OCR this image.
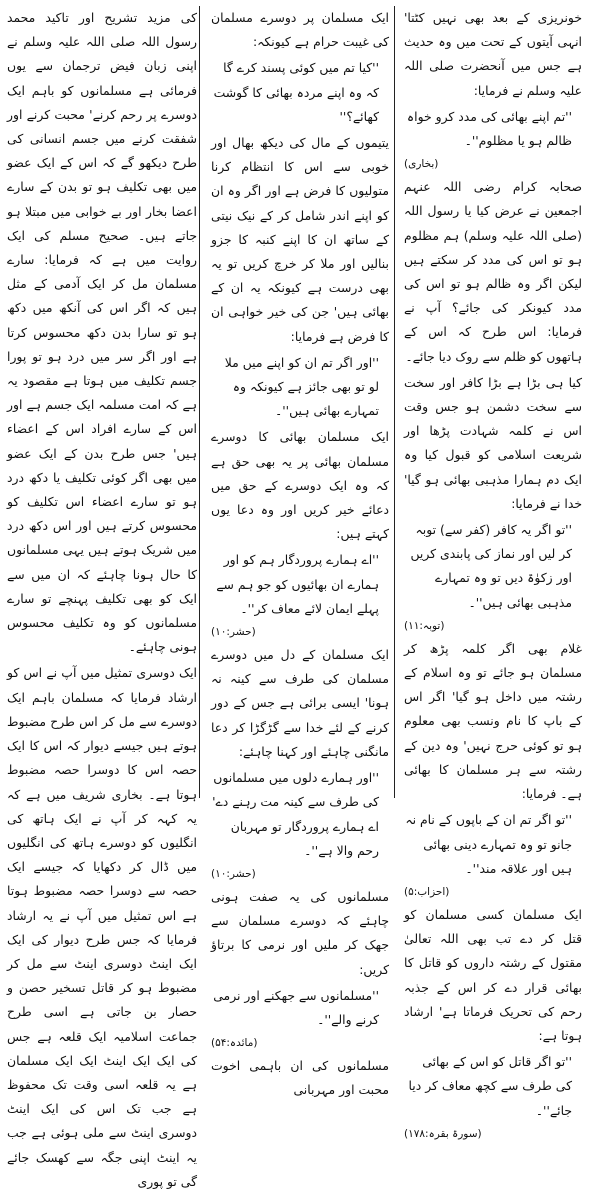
خونریزی کے بعد بھی نہیں کٹتا' انہی آیتوں کے تحت میں وہ حدیث ہے جس میں آنحضرت صلی اللہ علیہ وسلم نے فرمایا:

''تم اپنے بھائی کی مدد کرو خواہ ظالم ہو یا مظلوم''۔

(بخاری)

صحابہ کرام رضی اللہ عنہم اجمعین نے عرض کیا یا رسول اللہ (صلی اللہ علیہ وسلم) ہم مظلوم ہو تو اس کی مدد کر سکتے ہیں لیکن اگر وہ ظالم ہو تو اس کی مدد کیونکر کی جائے؟ آپ نے فرمایا: اس طرح کہ اس کے ہاتھوں کو ظلم سے روک دیا جائے۔

کیا ہی بڑا ہے بڑا کافر اور سخت سے سخت دشمن ہو جس وقت اس نے کلمہ شہادت پڑھا اور شریعت اسلامی کو قبول کیا وہ ایک دم ہمارا مذہبی بھائی ہو گیا' خدا نے فرمایا:

''تو اگر یہ کافر (کفر سے) توبہ کر لیں اور نماز کی پابندی کریں اور زکوٰۃ دیں تو وہ تمہارے مذہبی بھائی ہیں''۔

(توبہ:۱۱)

غلام بھی اگر کلمہ پڑھ کر مسلمان ہو جائے تو وہ اسلام کے رشتہ میں داخل ہو گیا' اگر اس کے باپ کا نام ونسب بھی معلوم ہو تو کوئی حرج نہیں' وہ دین کے رشتہ سے ہر مسلمان کا بھائی ہے۔ فرمایا:

''تو اگر تم ان کے باپوں کے نام نہ جانو تو وہ تمہارے دینی بھائی ہیں اور علاقہ مند''۔

(احزاب:۵)

ایک مسلمان کسی مسلمان کو قتل کر دے تب بھی اللہ تعالیٰ مقتول کے رشتہ داروں کو قاتل کا بھائی قرار دے کر اس کے جذبہ رحم کی تحریک فرماتا ہے' ارشاد ہوتا ہے:

''تو اگر قاتل کو اس کے بھائی کی طرف سے کچھ معاف کر دیا جائے''۔

(سورۃ بقرہ:۱۷۸)

ایک مسلمان پر دوسرے مسلمان کی غیبت حرام ہے کیونکہ:

''کیا تم میں کوئی پسند کرے گا کہ وہ اپنے مردہ بھائی کا گوشت کھائے؟''

یتیموں کے مال کی دیکھ بھال اور خوبی سے اس کا انتظام کرنا متولیوں کا فرض ہے اور اگر وہ ان کو اپنے اندر شامل کر کے نیک نیتی کے ساتھ ان کا اپنے کنبہ کا جزو بنالیں اور ملا کر خرچ کریں تو یہ بھی درست ہے کیونکہ یہ ان کے بھائی ہیں' جن کی خیر خواہی ان کا فرض ہے فرمایا:

''اور اگر تم ان کو اپنے میں ملا لو تو بھی جائز ہے کیونکہ وہ تمہارے بھائی ہیں''۔

ایک مسلمان بھائی کا دوسرے مسلمان بھائی پر یہ بھی حق ہے کہ وہ ایک دوسرے کے حق میں دعائے خیر کریں اور وہ دعا یوں کہتے ہیں:

''اے ہمارے پروردگار ہم کو اور ہمارے ان بھائیوں کو جو ہم سے پہلے ایمان لائے معاف کر''۔

(حشر:۱۰)

ایک مسلمان کے دل میں دوسرے مسلمان کی طرف سے کینہ نہ ہونا' ایسی برائی ہے جس کے دور کرنے کے لئے خدا سے گڑگڑا کر دعا مانگنی چاہئے اور کہنا چاہئے:

''اور ہمارے دلوں میں مسلمانوں کی طرف سے کینہ مت رہنے دے' اے ہمارے پروردگار تو مہربان رحم والا ہے''۔

(حشر:۱۰)

مسلمانوں کی یہ صفت ہونی چاہئے کہ دوسرے مسلمان سے جھک کر ملیں اور نرمی کا برتاؤ کریں:

''مسلمانوں سے جھکنے اور نرمی کرنے والے''۔

(مائدہ:۵۴)

مسلمانوں کی ان باہمی اخوت محبت اور مہربانی

کی مزید تشریح اور تاکید محمد رسول اللہ صلی اللہ علیہ وسلم نے اپنی زبان فیض ترجمان سے یوں فرمائی ہے مسلمانوں کو باہم ایک دوسرے پر رحم کرنے' محبت کرنے اور شفقت کرنے میں جسم انسانی کی طرح دیکھو گے کہ اس کے ایک عضو میں بھی تکلیف ہو تو بدن کے سارے اعضا بخار اور بے خوابی میں مبتلا ہو جاتے ہیں۔ صحیح مسلم کی ایک روایت میں ہے کہ فرمایا: سارے مسلمان مل کر ایک آدمی کے مثل ہیں کہ اگر اس کی آنکھ میں دکھ ہو تو سارا بدن دکھ محسوس کرتا ہے اور اگر سر میں درد ہو تو پورا جسم تکلیف میں ہوتا ہے مقصود یہ ہے کہ امت مسلمہ ایک جسم ہے اور اس کے سارے افراد اس کے اعضاء ہیں' جس طرح بدن کے ایک عضو میں بھی اگر کوئی تکلیف یا دکھ درد ہو تو سارے اعضاء اس تکلیف کو محسوس کرتے ہیں اور اس دکھ درد میں شریک ہوتے ہیں یہی مسلمانوں کا حال ہونا چاہئے کہ ان میں سے ایک کو بھی تکلیف پہنچے تو سارے مسلمانوں کو وہ تکلیف محسوس ہونی چاہئے۔

ایک دوسری تمثیل میں آپ نے اس کو ارشاد فرمایا کہ مسلمان باہم ایک دوسرے سے مل کر اس طرح مضبوط ہوتے ہیں جیسے دیوار کہ اس کا ایک حصہ اس کا دوسرا حصہ مضبوط ہوتا ہے۔ بخاری شریف میں ہے کہ یہ کہہ کر آپ نے ایک ہاتھ کی انگلیوں کو دوسرے ہاتھ کی انگلیوں میں ڈال کر دکھایا کہ جیسے ایک حصہ سے دوسرا حصہ مضبوط ہوتا ہے اس تمثیل میں آپ نے یہ ارشاد فرمایا کہ جس طرح دیوار کی ایک ایک اینٹ دوسری اینٹ سے مل کر مضبوط ہو کر قاتل تسخیر حصن و حصار بن جاتی ہے اسی طرح جماعت اسلامیہ ایک قلعہ ہے جس کی ایک ایک اینٹ ایک ایک مسلمان ہے یہ قلعہ اسی وقت تک محفوظ ہے جب تک اس کی ایک اینٹ دوسری اینٹ سے ملی ہوئی ہے جب یہ اینٹ اپنی جگہ سے کھسک جائے گی تو پوری
